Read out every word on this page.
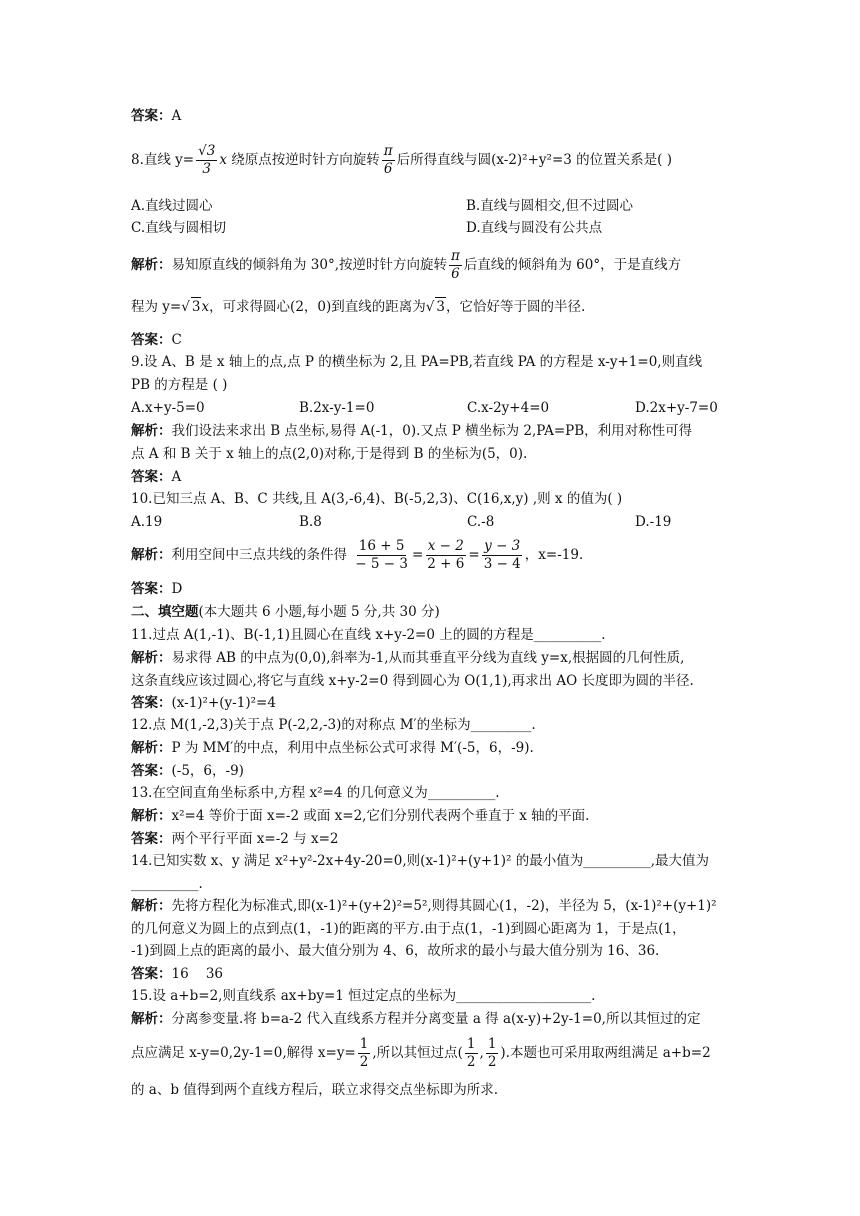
答案：A
8.直线 $y= \frac{√3}{3}$ x 绕原点按逆时针方向旋转 $\frac{\pi}{6}$ 后所得直线与圆(x-2)²+y²=3 的位置关系是( )
A.直线过圆心	B.直线与圆相交,但不过圆心
C.直线与圆相切	D.直线与圆没有公共点
解析：易知原直线的倾斜角为 30°,按逆时针方向旋转 $\frac{\pi}{6}$ 后直线的倾斜角为 60°，于是直线方
程为 y=√ 3x，可求得圆心(2，0)到直线的距离为√ 3，它恰好等于圆的半径.
答案：C
9.设 A、B 是 x 轴上的点,点 P 的横坐标为 2,且 PA=PB,若直线 PA 的方程是 x-y+1=0,则直线
PB 的方程是 ( )
A.x+y-5=0	B.2x-y-1=0	C.x-2y+4=0	D.2x+y-7=0
解析：我们设法来求出 B 点坐标,易得 A(-1，0).又点 P 横坐标为 2,PA=PB，利用对称性可得
点 A 和 B 关于 x 轴上的点(2,0)对称,于是得到 B 的坐标为(5，0).
答案：A
10.已知三点 A、B、C 共线,且 A(3,-6,4)、B(-5,2,3)、C(16,x,y) ,则 x 的值为( )
A.19	B.8	C.-8	D.-19
解析：利用空间中三点共线的条件得 $\frac{16 + 5}{- 5 - 3} = \frac{x - 2}{2 + 6} = \frac{y - 3}{3 - 4}$ ，x=-19.
答案：D
二、填空题(本大题共 6 小题,每小题 5 分,共 30 分)
11.过点 A(1,-1)、B(-1,1)且圆心在直线 x+y-2=0 上的圆的方程是__________.
解析：易求得 AB 的中点为(0,0),斜率为-1,从而其垂直平分线为直线 y=x,根据圆的几何性质,
这条直线应该过圆心,将它与直线 x+y-2=0 得到圆心为 O(1,1),再求出 AO 长度即为圆的半径.
答案：(x-1)²+(y-1)²=4
12.点 M(1,-2,3)关于点 P(-2,2,-3)的对称点 M′的坐标为_________.
解析：P 为 MM′的中点，利用中点坐标公式可求得 M′(-5，6，-9).
答案：(-5，6，-9)
13.在空间直角坐标系中,方程 x²=4 的几何意义为__________.
解析：x²=4 等价于面 x=-2 或面 x=2,它们分别代表两个垂直于 x 轴的平面.
答案：两个平行平面 x=-2 与 x=2
14.已知实数 x、y 满足 x²+y²-2x+4y-20=0,则(x-1)²+(y+1)² 的最小值为__________,最大值为
__________.
解析：先将方程化为标准式,即(x-1)²+(y+2)²=5²,则得其圆心(1，-2)，半径为 5，(x-1)²+(y+1)²
的几何意义为圆上的点到点(1，-1)的距离的平方.由于点(1，-1)到圆心距离为 1，于是点(1，
-1)到圆上点的距离的最小、最大值分别为 4、6，故所求的最小与最大值分别为 16、36.
答案：16    36
15.设 a+b=2,则直线系 ax+by=1 恒过定点的坐标为____________________.
解析：分离参变量.将 b=a-2 代入直线系方程并分离变量 a 得 a(x-y)+2y-1=0,所以其恒过的定
点应满足 x-y=0,2y-1=0,解得 $x=y= \frac{1}{2}$ ,所以其恒过点( $\frac{1}{2}$ , $\frac{1}{2}$ ).本题也可采用取两组满足 a+b=2
的 a、b 值得到两个直线方程后，联立求得交点坐标即为所求.
